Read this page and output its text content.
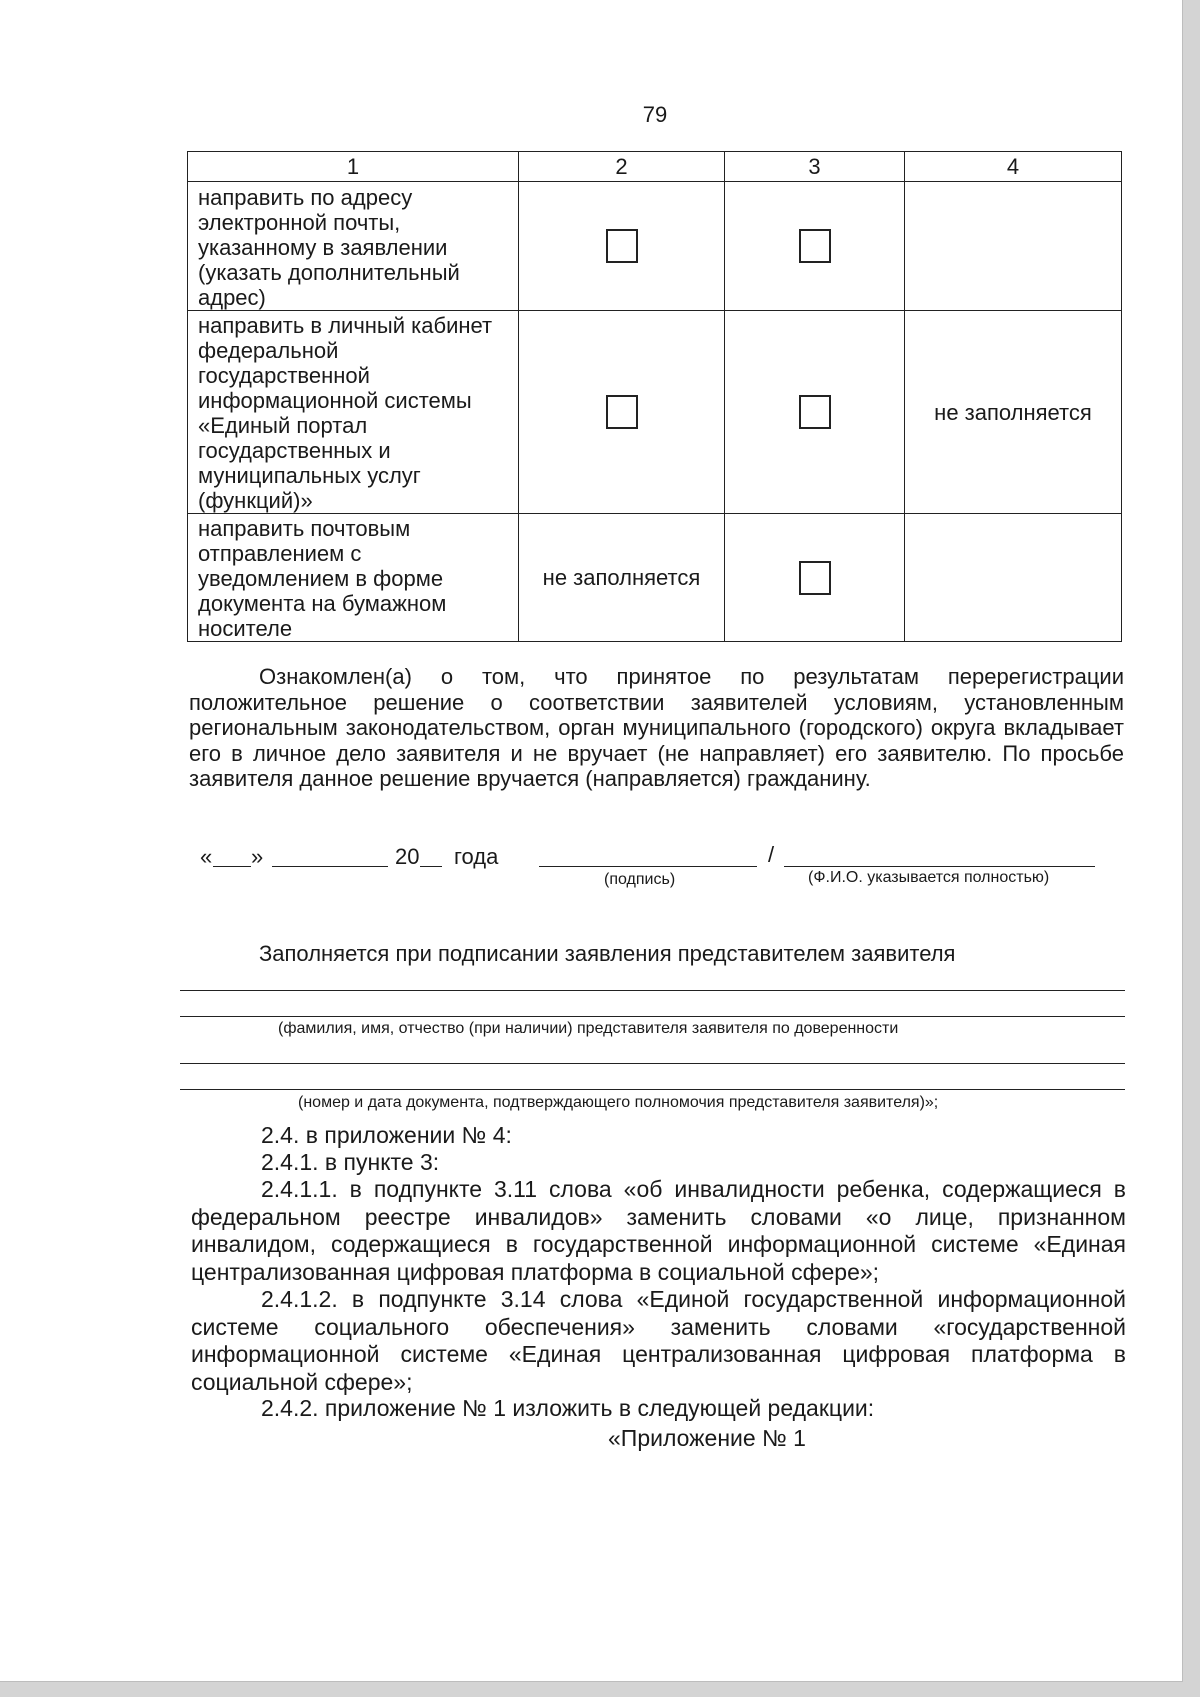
79
1	2	3	4
направить по адресу электронной почты, указанному в заявлении (указать дополнительный адрес)			
направить в личный кабинет федеральной государственной информационной системы «Единый портал государственных и муниципальных услуг (функций)»			не заполняется
направить почтовым отправлением с уведомлением в форме документа на бумажном носителе	не заполняется		

Ознакомлен(а) о том, что принятое по результатам перерегистрации положительное решение о соответствии заявителей условиям, установленным региональным законодательством, орган муниципального (городского) округа вкладывает его в личное дело заявителя и не вручает (не направляет) его заявителю. По просьбе заявителя данное решение вручается (направляется) гражданину.

« »	20 года	/
(подпись)	(Ф.И.О. указывается полностью)
Заполняется при подписании заявления представителем заявителя
(фамилия, имя, отчество (при наличии) представителя заявителя по доверенности
(номер и дата документа, подтверждающего полномочия представителя заявителя)»;

2.4. в приложении № 4:

2.4.1. в пункте 3:

2.4.1.1. в подпункте 3.11 слова «об инвалидности ребенка, содержащиеся в федеральном реестре инвалидов» заменить словами «о лице, признанном инвалидом, содержащиеся в государственной информационной системе «Единая централизованная цифровая платформа в социальной сфере»;

2.4.1.2. в подпункте 3.14 слова «Единой государственной информационной системе социального обеспечения» заменить словами «государственной информационной системе «Единая централизованная цифровая платформа в социальной сфере»;

2.4.2. приложение № 1 изложить в следующей редакции:

«Приложение № 1
